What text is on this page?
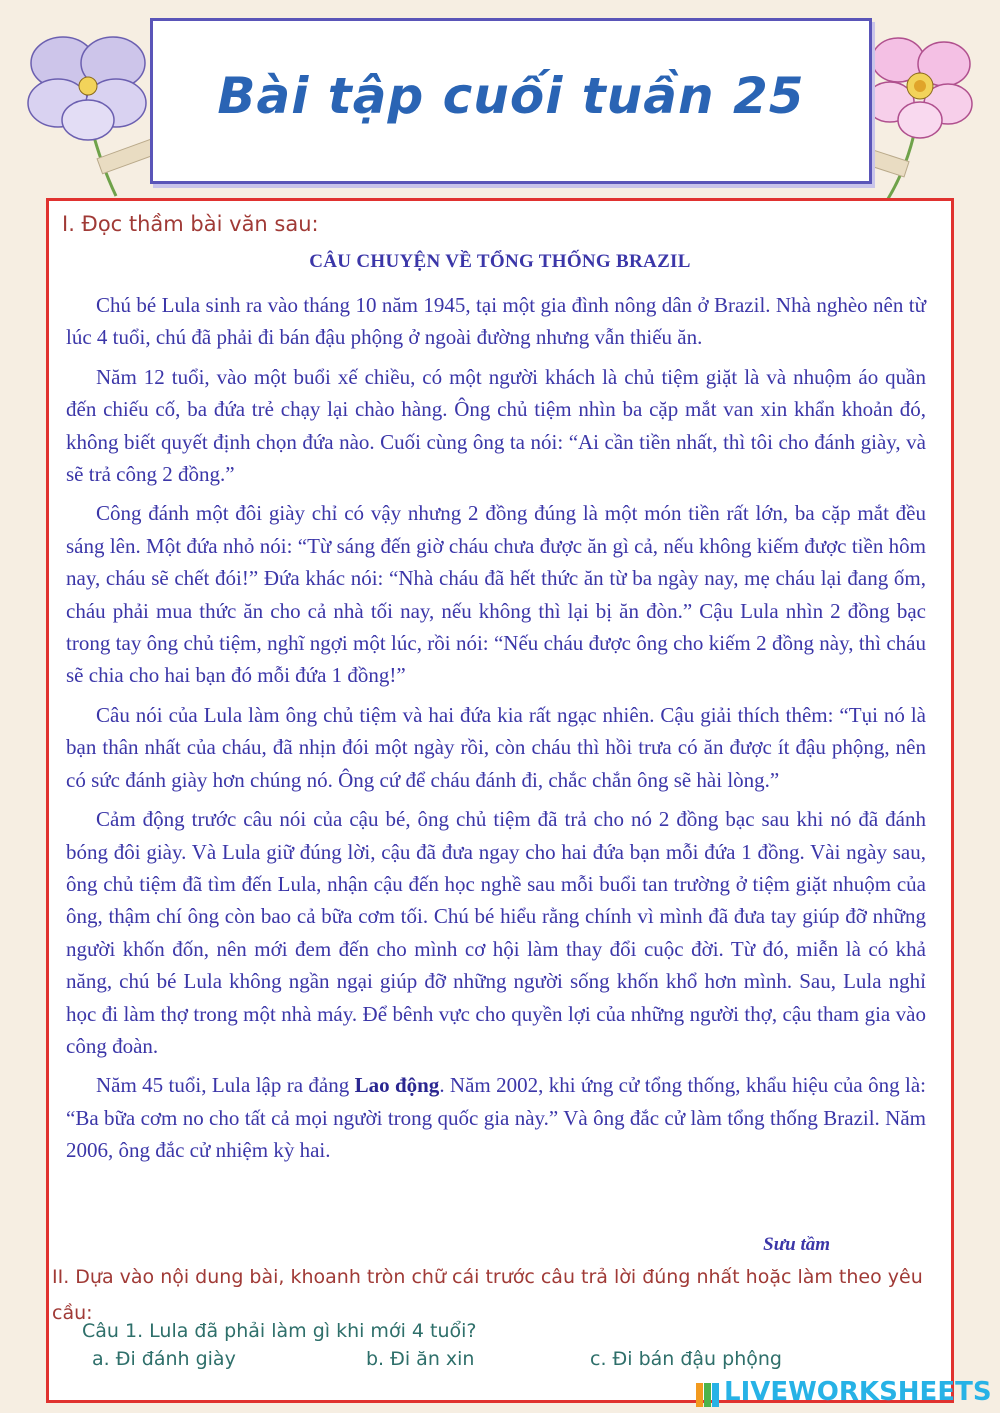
Bài tập cuối tuần 25
I. Đọc thầm bài văn sau:
CÂU CHUYỆN VỀ TỔNG THỐNG BRAZIL

Chú bé Lula sinh ra vào tháng 10 năm 1945, tại một gia đình nông dân ở Brazil. Nhà nghèo nên từ lúc 4 tuổi, chú đã phải đi bán đậu phộng ở ngoài đường nhưng vẫn thiếu ăn.

Năm 12 tuổi, vào một buổi xế chiều, có một người khách là chủ tiệm giặt là và nhuộm áo quần đến chiếu cố, ba đứa trẻ chạy lại chào hàng. Ông chủ tiệm nhìn ba cặp mắt van xin khẩn khoản đó, không biết quyết định chọn đứa nào. Cuối cùng ông ta nói: “Ai cần tiền nhất, thì tôi cho đánh giày, và sẽ trả công 2 đồng.”

Công đánh một đôi giày chỉ có vậy nhưng 2 đồng đúng là một món tiền rất lớn, ba cặp mắt đều sáng lên. Một đứa nhỏ nói: “Từ sáng đến giờ cháu chưa được ăn gì cả, nếu không kiếm được tiền hôm nay, cháu sẽ chết đói!” Đứa khác nói: “Nhà cháu đã hết thức ăn từ ba ngày nay, mẹ cháu lại đang ốm, cháu phải mua thức ăn cho cả nhà tối nay, nếu không thì lại bị ăn đòn.” Cậu Lula nhìn 2 đồng bạc trong tay ông chủ tiệm, nghĩ ngợi một lúc, rồi nói: “Nếu cháu được ông cho kiếm 2 đồng này, thì cháu sẽ chia cho hai bạn đó mỗi đứa 1 đồng!”

Câu nói của Lula làm ông chủ tiệm và hai đứa kia rất ngạc nhiên. Cậu giải thích thêm: “Tụi nó là bạn thân nhất của cháu, đã nhịn đói một ngày rồi, còn cháu thì hồi trưa có ăn được ít đậu phộng, nên có sức đánh giày hơn chúng nó. Ông cứ để cháu đánh đi, chắc chắn ông sẽ hài lòng.”

Cảm động trước câu nói của cậu bé, ông chủ tiệm đã trả cho nó 2 đồng bạc sau khi nó đã đánh bóng đôi giày. Và Lula giữ đúng lời, cậu đã đưa ngay cho hai đứa bạn mỗi đứa 1 đồng. Vài ngày sau, ông chủ tiệm đã tìm đến Lula, nhận cậu đến học nghề sau mỗi buổi tan trường ở tiệm giặt nhuộm của ông, thậm chí ông còn bao cả bữa cơm tối. Chú bé hiểu rằng chính vì mình đã đưa tay giúp đỡ những người khốn đốn, nên mới đem đến cho mình cơ hội làm thay đổi cuộc đời. Từ đó, miễn là có khả năng, chú bé Lula không ngần ngại giúp đỡ những người sống khốn khổ hơn mình. Sau, Lula nghỉ học đi làm thợ trong một nhà máy. Để bênh vực cho quyền lợi của những người thợ, cậu tham gia vào công đoàn.

Năm 45 tuổi, Lula lập ra đảng Lao động. Năm 2002, khi ứng cử tổng thống, khẩu hiệu của ông là: “Ba bữa cơm no cho tất cả mọi người trong quốc gia này.” Và ông đắc cử làm tổng thống Brazil. Năm 2006, ông đắc cử nhiệm kỳ hai.

Sưu tầm
II. Dựa vào nội dung bài, khoanh tròn chữ cái trước câu trả lời đúng nhất hoặc làm theo yêu cầu:
Câu 1. Lula đã phải làm gì khi mới 4 tuổi?
a. Đi đánh giày	b. Đi ăn xin	c. Đi bán đậu phộng
LIVEWORKSHEETS
